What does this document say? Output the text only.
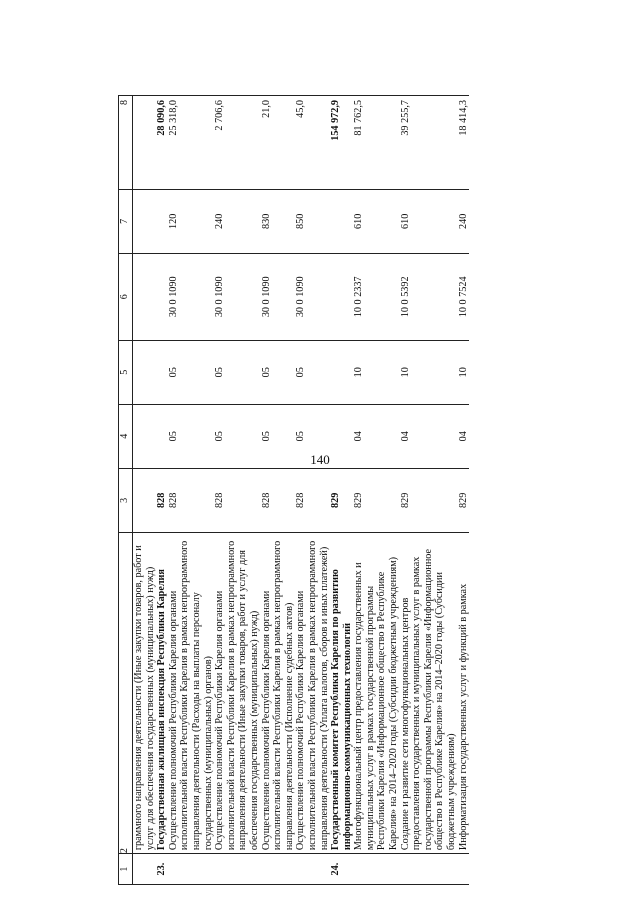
140
1	2	3	4	5	6	7	8
	граммного направления деятельности (Иные закупки товаров, работ и услуг для обеспечения государственных (муниципальных) нужд)						
23.	Государственная жилищная инспекция Республики Карелия	828					28 090,6
	Осуществление полномочий Республики Карелия органами исполнительной власти Республики Карелия в рамках непрограммного направления деятельности (Расходы на выплаты персоналу государственных (муниципальных) органов)	828	05	05	30 0 1090	120	25 318,0
	Осуществление полномочий Республики Карелия органами исполнительной власти Республики Карелия в рамках непрограммного направления деятельности (Иные закупки товаров, работ и услуг для обеспечения государственных (муниципальных) нужд)	828	05	05	30 0 1090	240	2 706,6
	Осуществление полномочий Республики Карелия органами исполнительной власти Республики Карелия в рамках непрограммного направления деятельности (Исполнение судебных актов)	828	05	05	30 0 1090	830	21,0
	Осуществление полномочий Республики Карелия органами исполнительной власти Республики Карелия в рамках непрограммного направления деятельности (Уплата налогов, сборов и иных платежей)	828	05	05	30 0 1090	850	45,0
24.	Государственный комитет Республики Карелия по развитию информационно-коммуникационных технологий	829					154 972,9
	Многофункциональный центр предоставления государственных и муниципальных услуг в рамках государственной программы Республики Карелия «Информационное общество в Республике Карелия» на 2014–2020 годы (Субсидии бюджетным учреждениям)	829	04	10	10 0 2337	610	81 762,5
	Создание и развитие сети многофункциональных центров предоставления государственных и муниципальных услуг в рамках государственной программы Республики Карелия «Информационное общество в Республике Карелия» на 2014–2020 годы (Субсидии бюджетным учреждениям)	829	04	10	10 0 5392	610	39 255,7
	Информатизация государственных услуг и функций в рамках	829	04	10	10 0 7524	240	18 414,3
